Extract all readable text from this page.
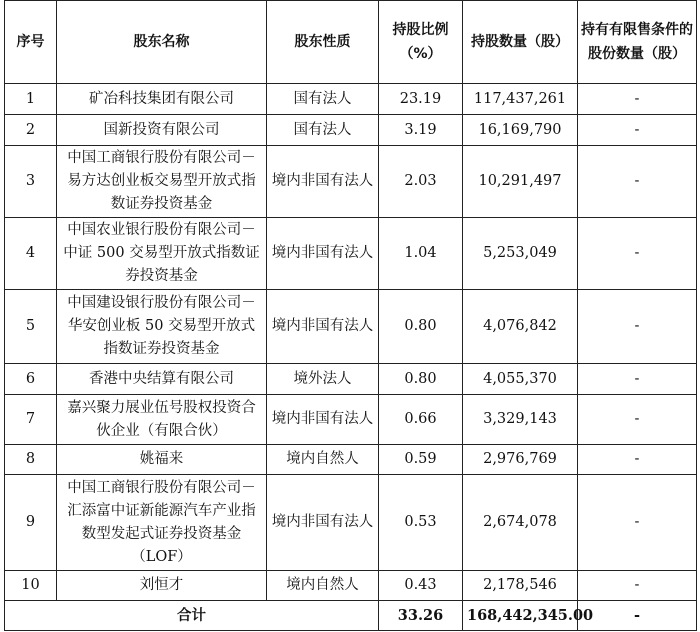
序号	股东名称	股东性质	持股比例（%）	持股数量（股）	持有有限售条件的股份数量（股）
1	矿冶科技集团有限公司	国有法人	23.19	117,437,261	-
2	国新投资有限公司	国有法人	3.19	16,169,790	-
3	中国工商银行股份有限公司－易方达创业板交易型开放式指数证券投资基金	境内非国有法人	2.03	10,291,497	-
4	中国农业银行股份有限公司－中证 500 交易型开放式指数证券投资基金	境内非国有法人	1.04	5,253,049	-
5	中国建设银行股份有限公司－华安创业板 50 交易型开放式指数证券投资基金	境内非国有法人	0.80	4,076,842	-
6	香港中央结算有限公司	境外法人	0.80	4,055,370	-
7	嘉兴聚力展业伍号股权投资合伙企业（有限合伙）	境内非国有法人	0.66	3,329,143	-
8	姚福来	境内自然人	0.59	2,976,769	-
9	中国工商银行股份有限公司－汇添富中证新能源汽车产业指数型发起式证券投资基金（LOF）	境内非国有法人	0.53	2,674,078	-
10	刘恒才	境内自然人	0.43	2,178,546	-
合计			33.26	168,442,345.00	-
